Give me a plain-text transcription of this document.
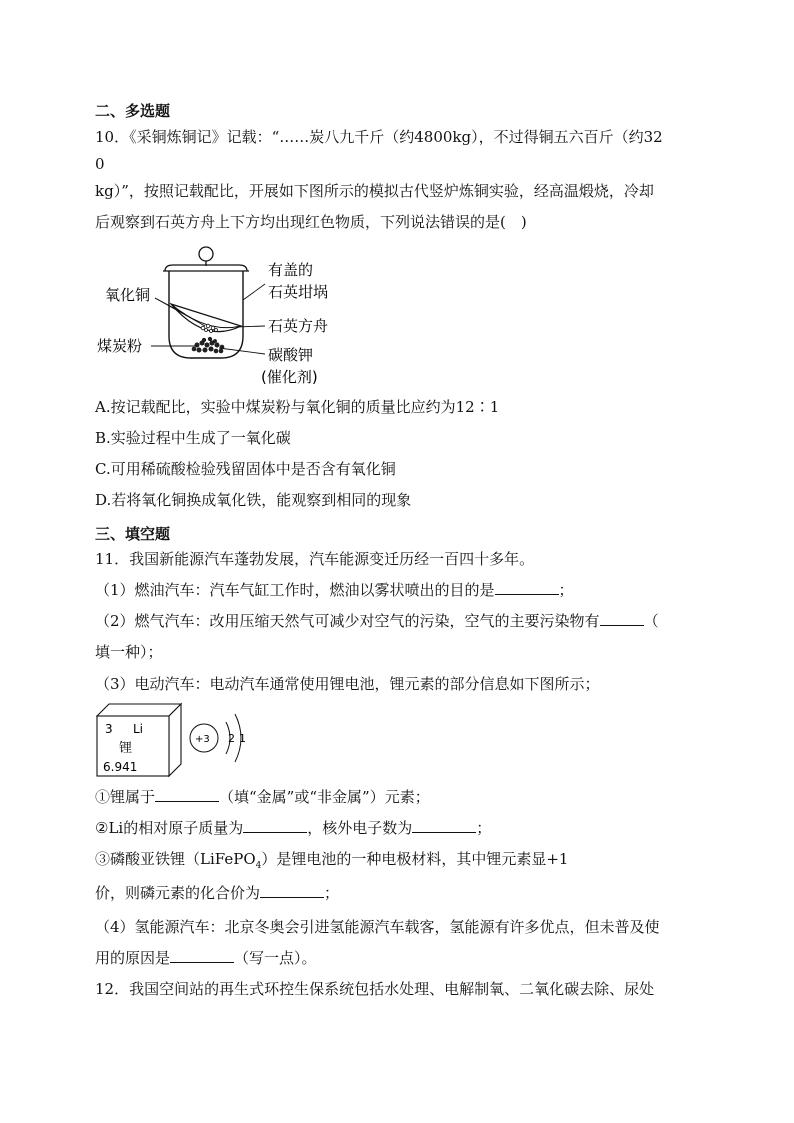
二、多选题
10．《采铜炼铜记》记载：“……炭八九千斤（约4800kg），不过得铜五六百斤（约32
0
kg）”，按照记载配比，开展如下图所示的模拟古代竖炉炼铜实验，经高温煅烧，冷却
后观察到石英方舟上下方均出现红色物质，下列说法错误的是(　)
氧化铜
煤炭粉
有盖的
石英坩埚
石英方舟
碳酸钾
(催化剂)
A.按记载配比，实验中煤炭粉与氧化铜的质量比应约为12∶1
B.实验过程中生成了一氧化碳
C.可用稀硫酸检验残留固体中是否含有氧化铜
D.若将氧化铜换成氧化铁，能观察到相同的现象
三、填空题
11．我国新能源汽车蓬勃发展，汽车能源变迁历经一百四十多年。
（1）燃油汽车：汽车气缸工作时，燃油以雾状喷出的目的是	；
（2）燃气汽车：改用压缩天然气可减少对空气的污染，空气的主要污染物有	（
填一种）；
（3）电动汽车：电动汽车通常使用锂电池，锂元素的部分信息如下图所示；
3 Li
锂
6.941
+3 2 1
①锂属于	（填“金属”或“非金属”）元素；
②Li的相对原子质量为	，核外电子数为	；
③磷酸亚铁锂（LiFePO$_4$）是锂电池的一种电极材料，其中锂元素显+1
价，则磷元素的化合价为	；
（4）氢能源汽车：北京冬奥会引进氢能源汽车载客，氢能源有许多优点，但未普及使
用的原因是	（写一点）。
12．我国空间站的再生式环控生保系统包括水处理、电解制氧、二氧化碳去除、尿处
